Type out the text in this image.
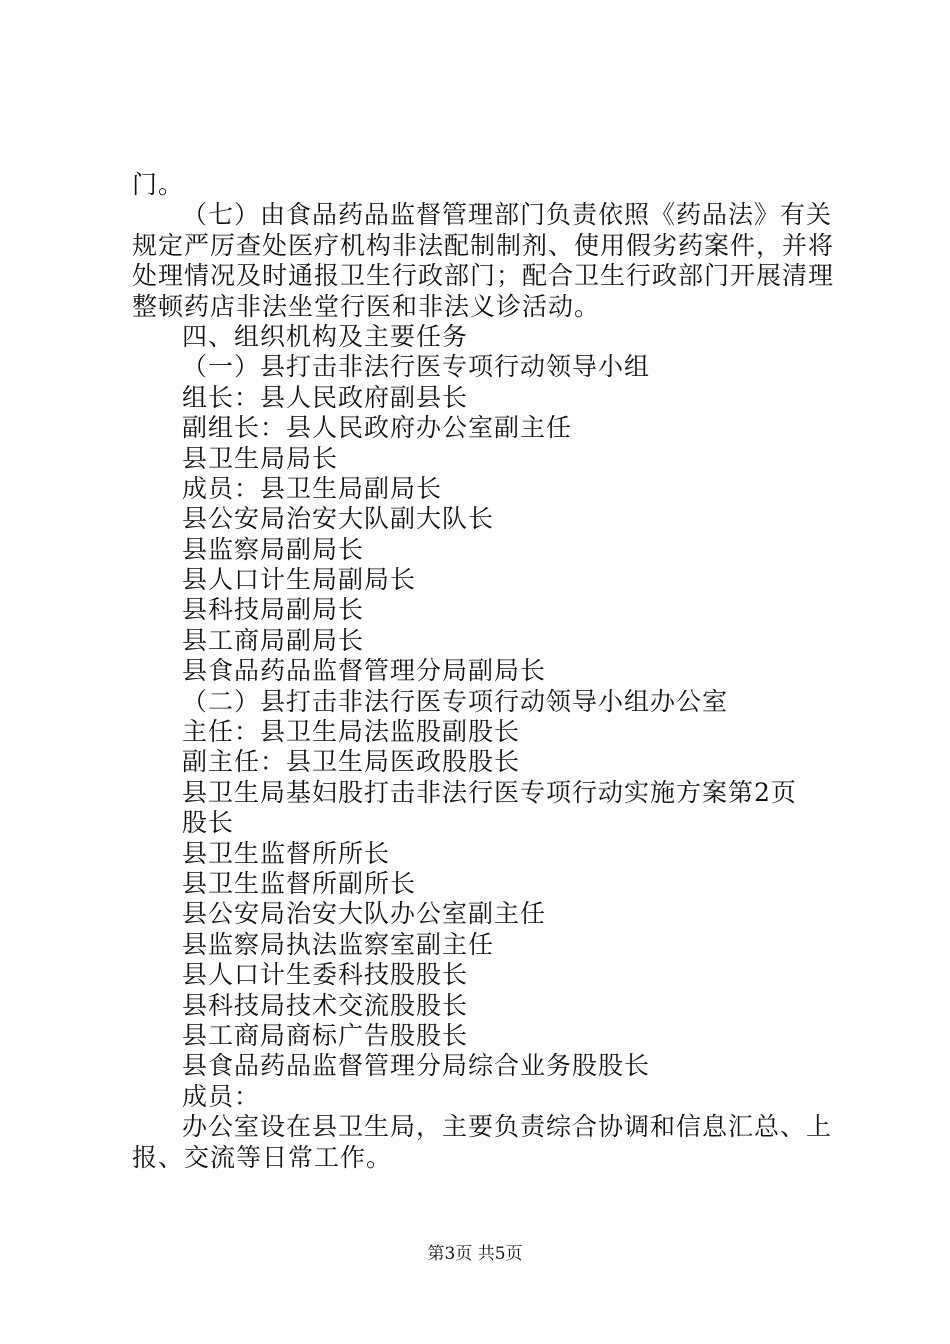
门。
（七）由食品药品监督管理部门负责依照《药品法》有关
规定严厉查处医疗机构非法配制制剂、使用假劣药案件，并将
处理情况及时通报卫生行政部门；配合卫生行政部门开展清理
整顿药店非法坐堂行医和非法义诊活动。
四、组织机构及主要任务
（一）县打击非法行医专项行动领导小组
组长：县人民政府副县长
副组长：县人民政府办公室副主任
县卫生局局长
成员：县卫生局副局长
县公安局治安大队副大队长
县监察局副局长
县人口计生局副局长
县科技局副局长
县工商局副局长
县食品药品监督管理分局副局长
（二）县打击非法行医专项行动领导小组办公室
主任：县卫生局法监股副股长
副主任：县卫生局医政股股长
县卫生局基妇股打击非法行医专项行动实施方案第2页
股长
县卫生监督所所长
县卫生监督所副所长
县公安局治安大队办公室副主任
县监察局执法监察室副主任
县人口计生委科技股股长
县科技局技术交流股股长
县工商局商标广告股股长
县食品药品监督管理分局综合业务股股长
成员：
办公室设在县卫生局，主要负责综合协调和信息汇总、上
报、交流等日常工作。
第3页 共5页
